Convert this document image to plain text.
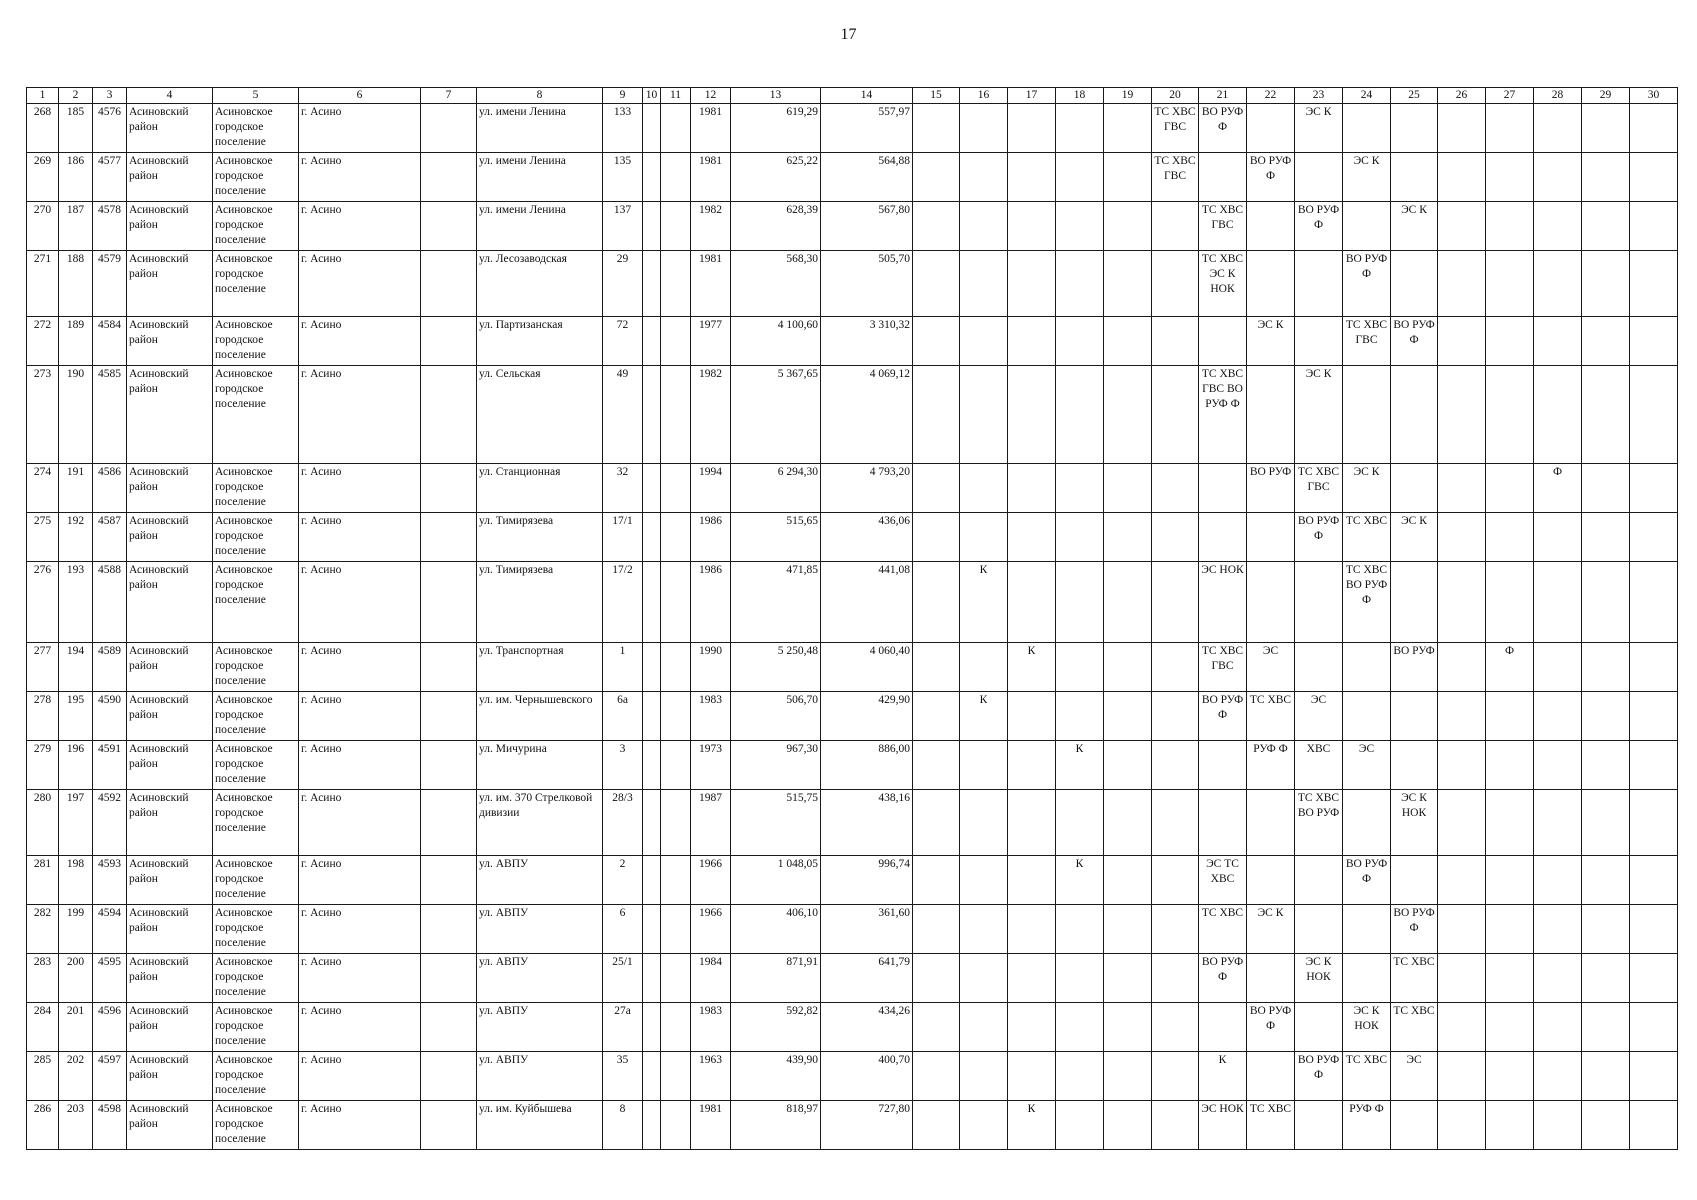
17
1	2	3	4	5	6	7	8	9	10	11	12	13	14	15	16	17	18	19	20	21	22	23	24	25	26	27	28	29	30
268	185	4576	Асиновский район	Асиновское городское поселение	г. Асино		ул. имени Ленина	133			1981	619,29	557,97						ТС ХВС ГВС	ВО РУФ Ф		ЭС К							
269	186	4577	Асиновский район	Асиновское городское поселение	г. Асино		ул. имени Ленина	135			1981	625,22	564,88						ТС ХВС ГВС		ВО РУФ Ф		ЭС К						
270	187	4578	Асиновский район	Асиновское городское поселение	г. Асино		ул. имени Ленина	137			1982	628,39	567,80							ТС ХВС ГВС		ВО РУФ Ф		ЭС К					
271	188	4579	Асиновский район	Асиновское городское поселение	г. Асино		ул. Лесозаводская	29			1981	568,30	505,70							ТС ХВС ЭС К НОК			ВО РУФ Ф						
272	189	4584	Асиновский район	Асиновское городское поселение	г. Асино		ул. Партизанская	72			1977	4 100,60	3 310,32								ЭС К		ТС ХВС ГВС	ВО РУФ Ф					
273	190	4585	Асиновский район	Асиновское городское поселение	г. Асино		ул. Сельская	49			1982	5 367,65	4 069,12							ТС ХВС ГВС ВО РУФ Ф		ЭС К							
274	191	4586	Асиновский район	Асиновское городское поселение	г. Асино		ул. Станционная	32			1994	6 294,30	4 793,20								ВО РУФ	ТС ХВС ГВС	ЭС К				Ф		
275	192	4587	Асиновский район	Асиновское городское поселение	г. Асино		ул. Тимирязева	17/1			1986	515,65	436,06									ВО РУФ Ф	ТС ХВС	ЭС К					
276	193	4588	Асиновский район	Асиновское городское поселение	г. Асино		ул. Тимирязева	17/2			1986	471,85	441,08		К					ЭС НОК			ТС ХВС ВО РУФ Ф						
277	194	4589	Асиновский район	Асиновское городское поселение	г. Асино		ул. Транспортная	1			1990	5 250,48	4 060,40			К				ТС ХВС ГВС	ЭС			ВО РУФ		Ф			
278	195	4590	Асиновский район	Асиновское городское поселение	г. Асино		ул. им. Чернышевского	6а			1983	506,70	429,90		К					ВО РУФ Ф	ТС ХВС	ЭС							
279	196	4591	Асиновский район	Асиновское городское поселение	г. Асино		ул. Мичурина	3			1973	967,30	886,00				К				РУФ Ф	ХВС	ЭС						
280	197	4592	Асиновский район	Асиновское городское поселение	г. Асино		ул. им. 370 Стрелковой дивизии	28/3			1987	515,75	438,16									ТС ХВС ВО РУФ		ЭС К НОК					
281	198	4593	Асиновский район	Асиновское городское поселение	г. Асино		ул. АВПУ	2			1966	1 048,05	996,74				К			ЭС ТС ХВС			ВО РУФ Ф						
282	199	4594	Асиновский район	Асиновское городское поселение	г. Асино		ул. АВПУ	6			1966	406,10	361,60							ТС ХВС	ЭС К			ВО РУФ Ф					
283	200	4595	Асиновский район	Асиновское городское поселение	г. Асино		ул. АВПУ	25/1			1984	871,91	641,79							ВО РУФ Ф		ЭС К НОК		ТС ХВС					
284	201	4596	Асиновский район	Асиновское городское поселение	г. Асино		ул. АВПУ	27а			1983	592,82	434,26								ВО РУФ Ф		ЭС К НОК	ТС ХВС					
285	202	4597	Асиновский район	Асиновское городское поселение	г. Асино		ул. АВПУ	35			1963	439,90	400,70							К		ВО РУФ Ф	ТС ХВС	ЭС					
286	203	4598	Асиновский район	Асиновское городское поселение	г. Асино		ул. им. Куйбышева	8			1981	818,97	727,80			К				ЭС НОК	ТС ХВС		РУФ Ф						
